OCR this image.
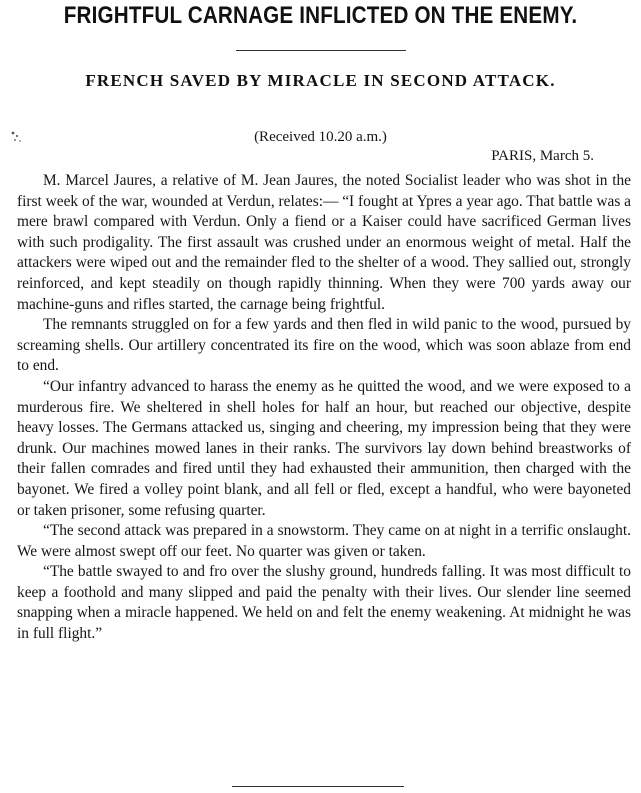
FRIGHTFUL CARNAGE INFLICTED ON THE ENEMY.
FRENCH SAVED BY MIRACLE IN SECOND ATTACK.
(Received 10.20 a.m.)
PARIS, March 5.

M. Marcel Jaures, a relative of M. Jean Jaures, the noted Socialist leader who was shot in the first week of the war, wounded at Verdun, relates:— “I fought at Ypres a year ago. That battle was a mere brawl compared with Verdun. Only a fiend or a Kaiser could have sacrificed German lives with such prodigality. The first assault was crushed under an enormous weight of metal. Half the attackers were wiped out and the remainder fled to the shelter of a wood. They sallied out, strongly reinforced, and kept steadily on though rapidly thinning. When they were 700 yards away our machine-guns and rifles started, the carnage being frightful.

The remnants struggled on for a few yards and then fled in wild panic to the wood, pursued by screaming shells. Our artillery concentrated its fire on the wood, which was soon ablaze from end to end.

“Our infantry advanced to harass the enemy as he quitted the wood, and we were exposed to a murderous fire. We sheltered in shell holes for half an hour, but reached our objective, despite heavy losses. The Germans attacked us, singing and cheering, my impression being that they were drunk. Our machines mowed lanes in their ranks. The survivors lay down behind breastworks of their fallen comrades and fired until they had exhausted their ammunition, then charged with the bayonet. We fired a volley point blank, and all fell or fled, except a handful, who were bayoneted or taken prisoner, some refusing quarter.

“The second attack was prepared in a snowstorm. They came on at night in a terrific onslaught. We were almost swept off our feet. No quarter was given or taken.

“The battle swayed to and fro over the slushy ground, hundreds falling. It was most difficult to keep a foothold and many slipped and paid the penalty with their lives. Our slender line seemed snapping when a miracle happened. We held on and felt the enemy weakening. At midnight he was in full flight.”
